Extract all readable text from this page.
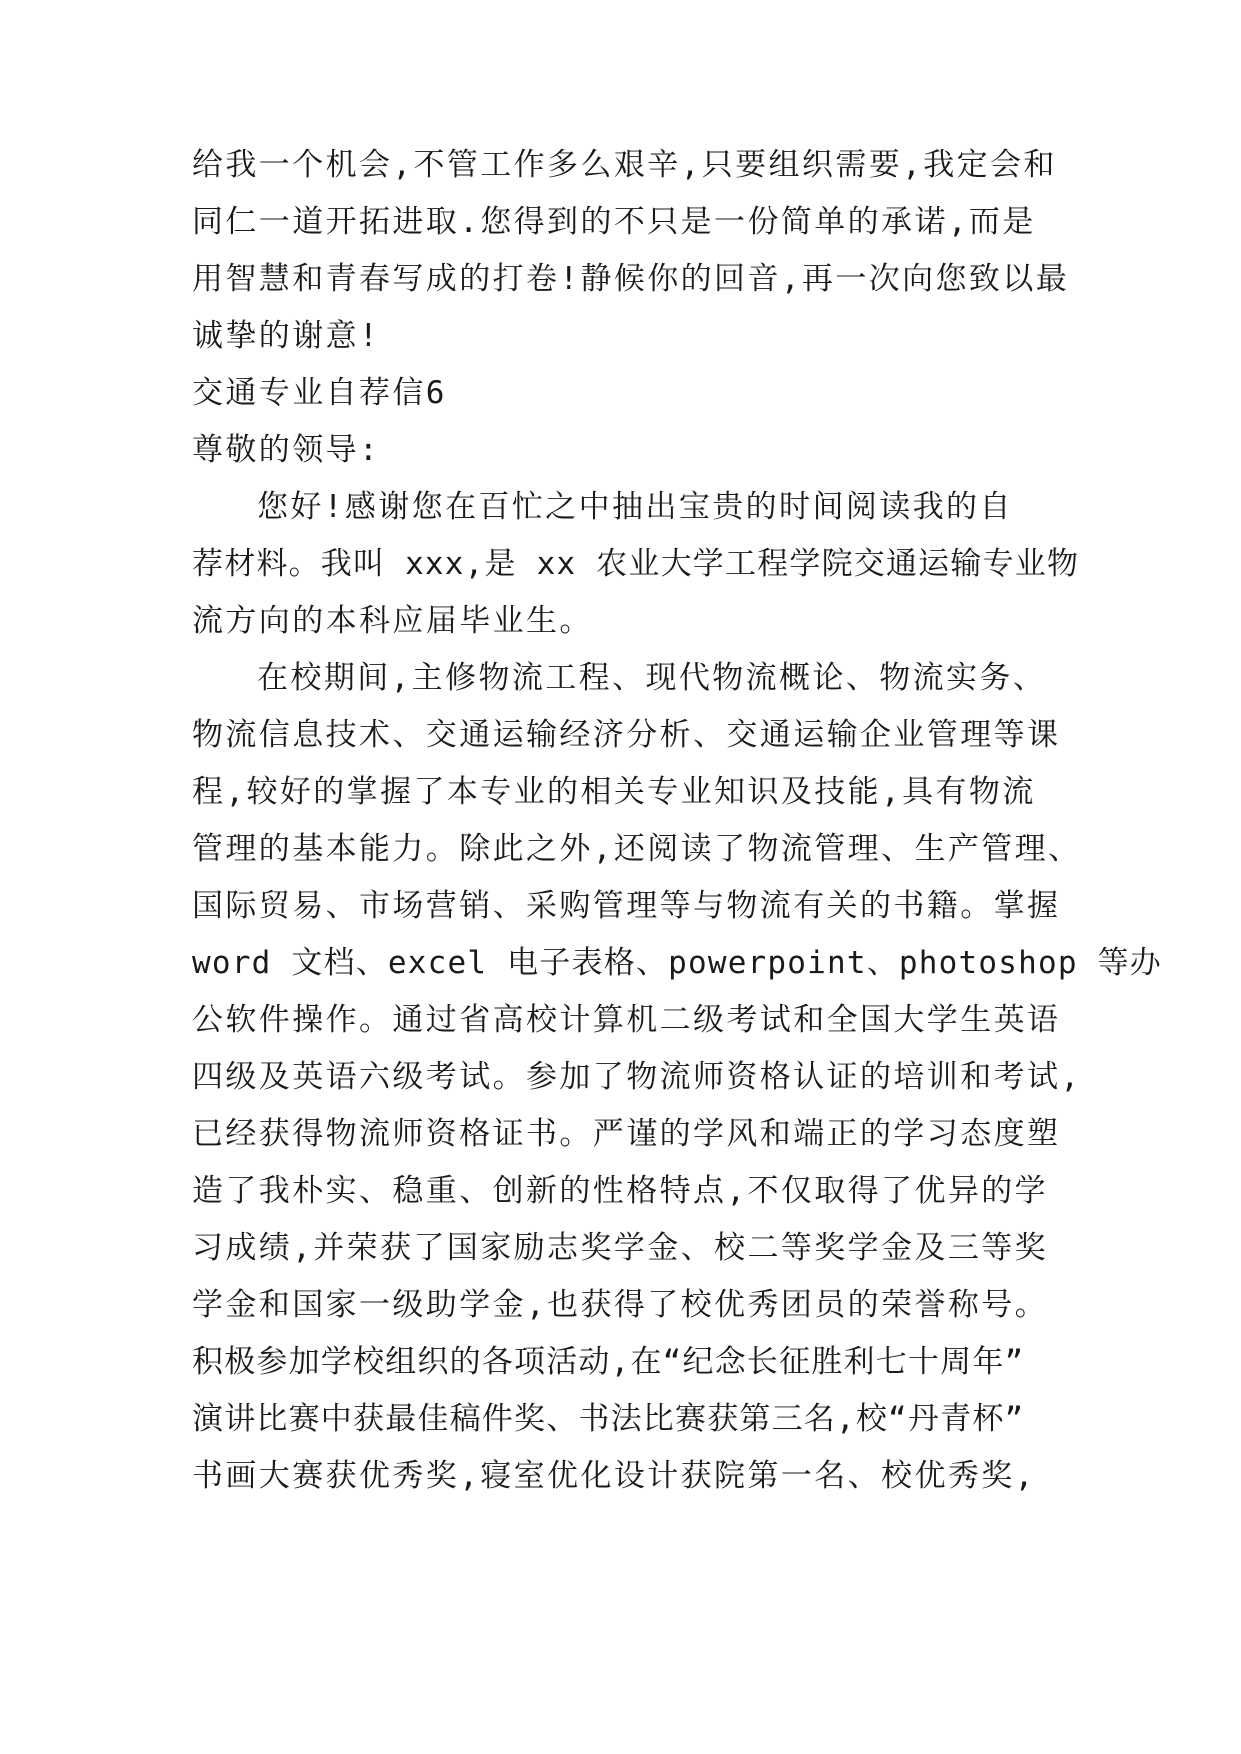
给我一个机会,不管工作多么艰辛,只要组织需要,我定会和
同仁一道开拓进取.您得到的不只是一份简单的承诺,而是
用智慧和青春写成的打卷!静候你的回音,再一次向您致以最
诚挚的谢意!
交通专业自荐信6
尊敬的领导:
您好!感谢您在百忙之中抽出宝贵的时间阅读我的自
荐材料。我叫 xxx,是 xx 农业大学工程学院交通运输专业物
流方向的本科应届毕业生。
在校期间,主修物流工程、现代物流概论、物流实务、
物流信息技术、交通运输经济分析、交通运输企业管理等课
程,较好的掌握了本专业的相关专业知识及技能,具有物流
管理的基本能力。除此之外,还阅读了物流管理、生产管理、
国际贸易、市场营销、采购管理等与物流有关的书籍。掌握
word 文档、excel 电子表格、powerpoint、photoshop 等办
公软件操作。通过省高校计算机二级考试和全国大学生英语
四级及英语六级考试。参加了物流师资格认证的培训和考试,
已经获得物流师资格证书。严谨的学风和端正的学习态度塑
造了我朴实、稳重、创新的性格特点,不仅取得了优异的学
习成绩,并荣获了国家励志奖学金、校二等奖学金及三等奖
学金和国家一级助学金,也获得了校优秀团员的荣誉称号。
积极参加学校组织的各项活动,在“纪念长征胜利七十周年”
演讲比赛中获最佳稿件奖、书法比赛获第三名,校“丹青杯”
书画大赛获优秀奖,寝室优化设计获院第一名、校优秀奖,
